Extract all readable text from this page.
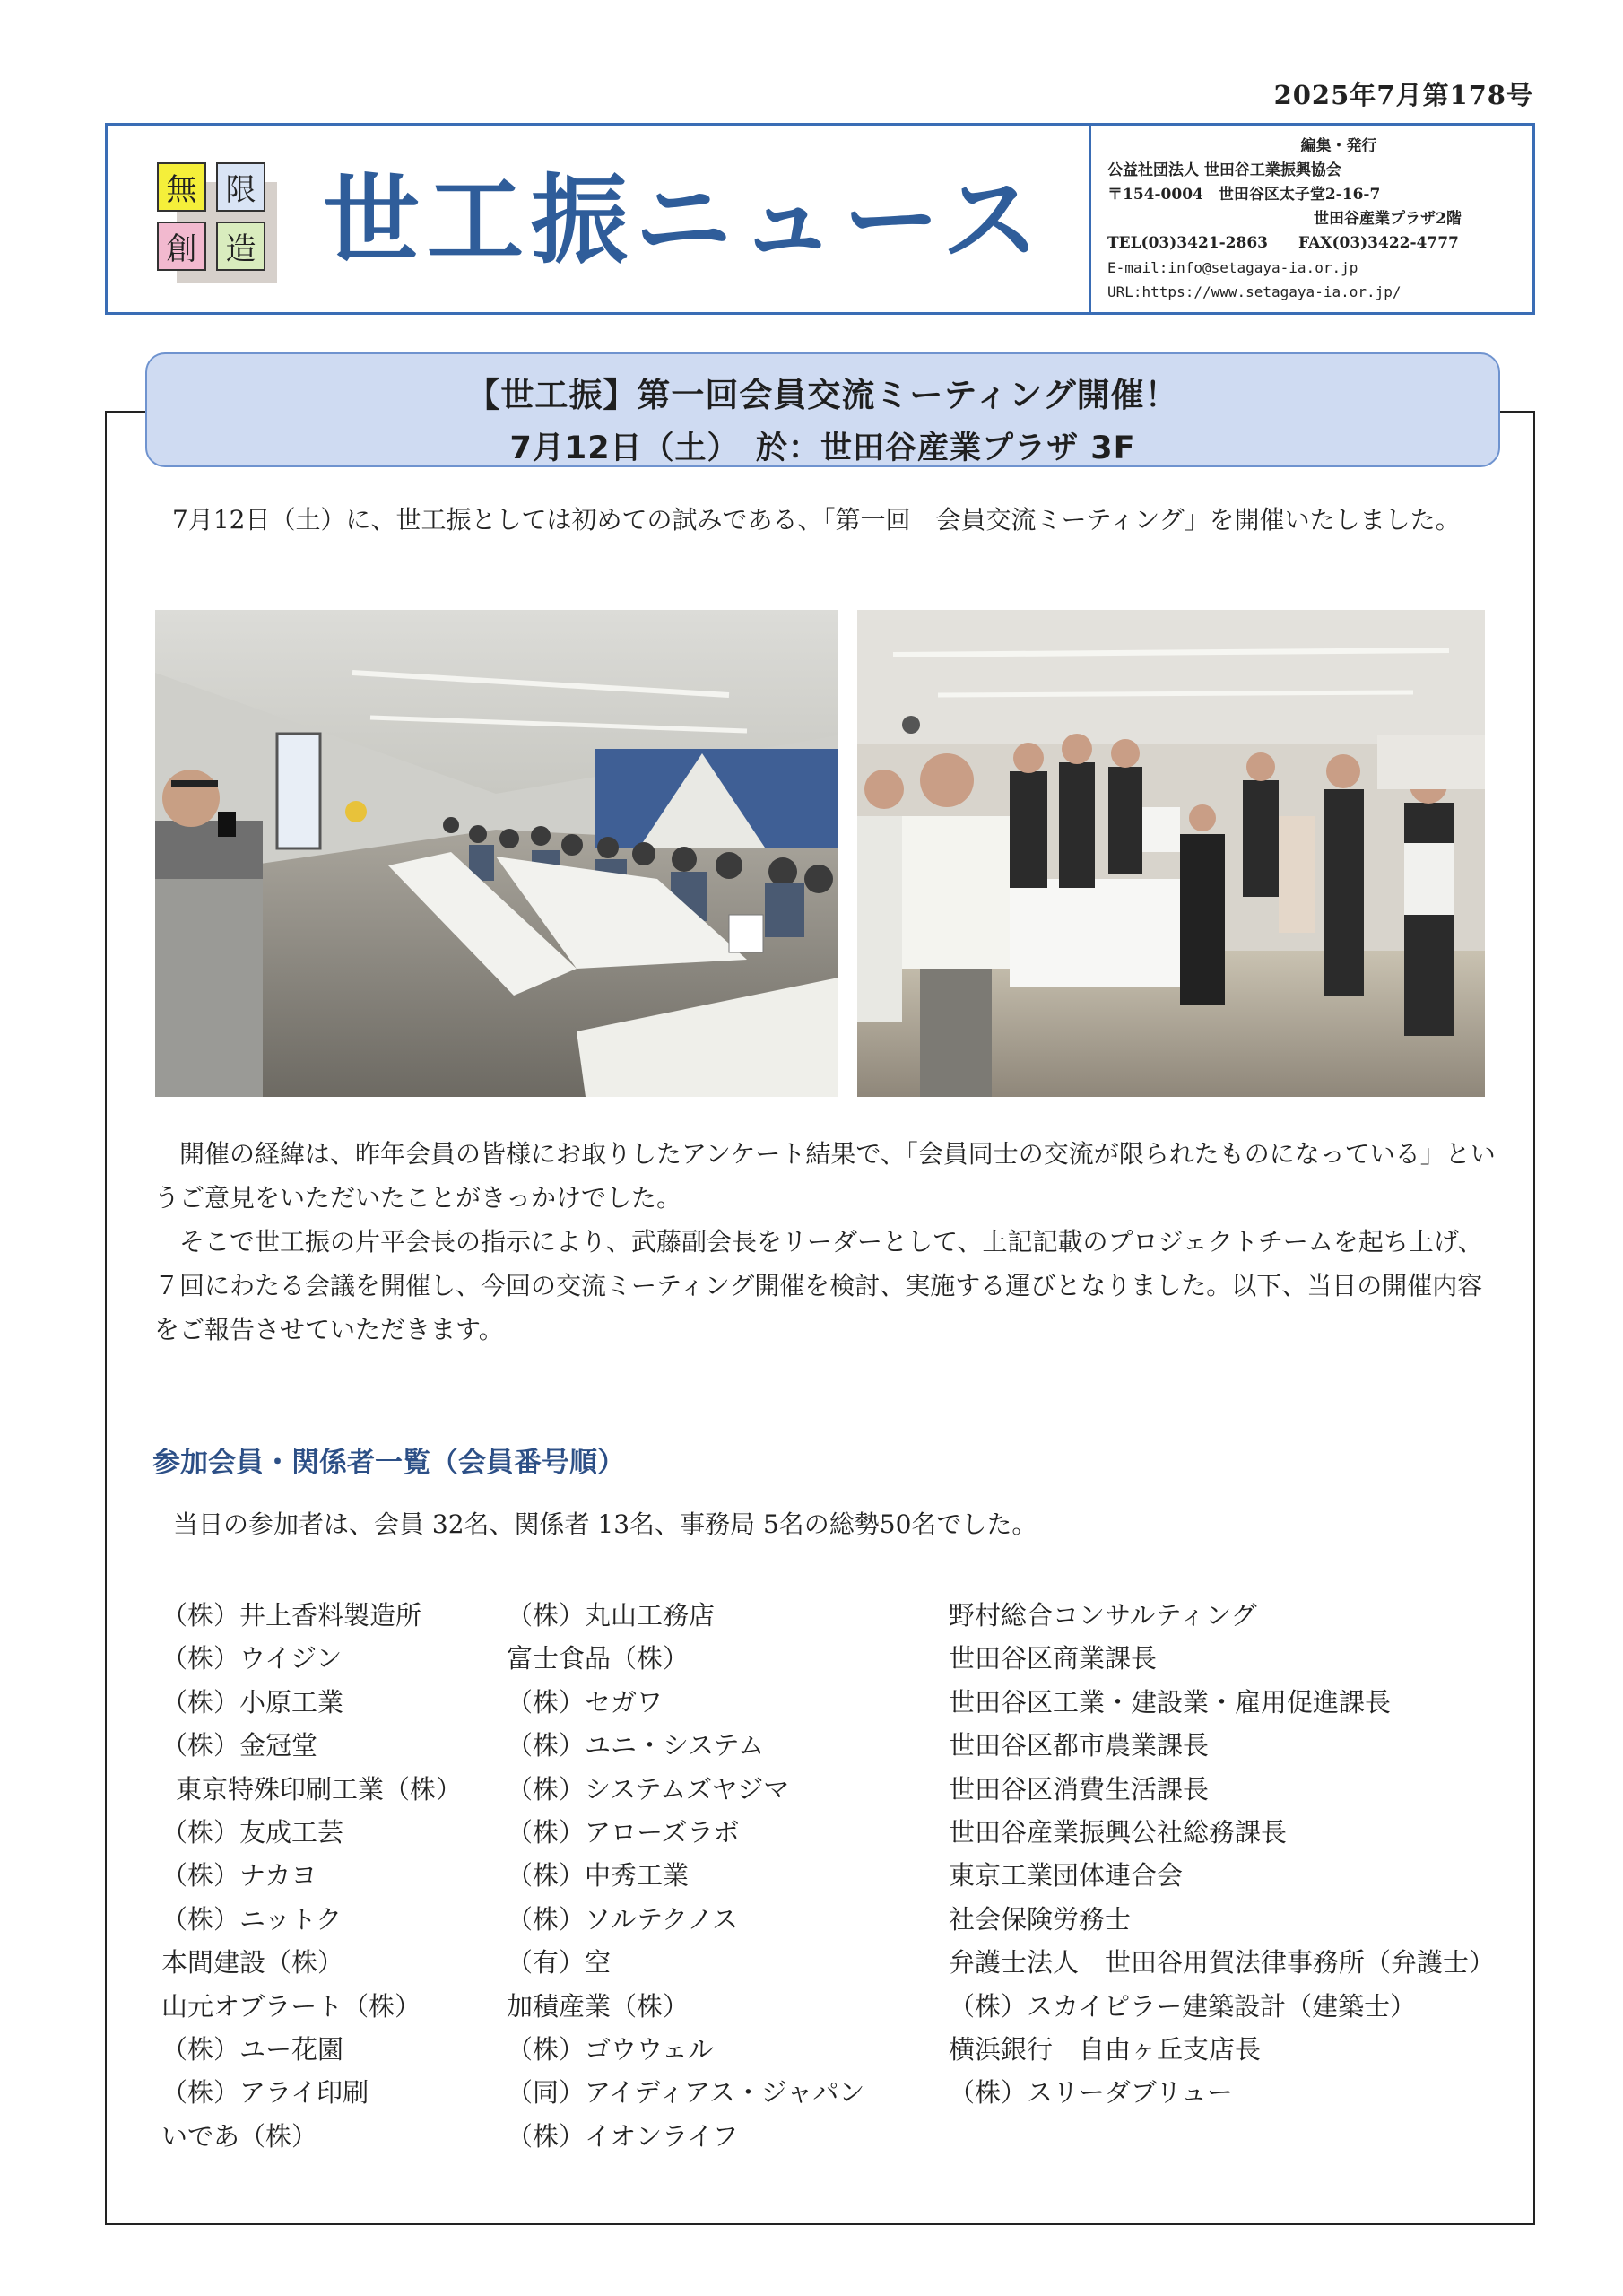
2025年7月第178号
無 限
創 造 世工振ニュース
編集・発行
公益社団法人 世田谷工業振興協会
〒154-0004　世田谷区太子堂2-16-7
世田谷産業プラザ2階
TEL(03)3421-2863　　FAX(03)3422-4777
E-mail:info@setagaya-ia.or.jp
URL:https://www.setagaya-ia.or.jp/
【世工振】第一回会員交流ミーティング開催！
7月12日（土）　於：世田谷産業プラザ 3F
7月12日（土）に、世工振としては初めての試みである、「第一回　会員交流ミーティング」を開催いたしました。
開催の経緯は、昨年会員の皆様にお取りしたアンケート結果で、「会員同士の交流が限られたものになっている」というご意見をいただいたことがきっかけでした。
そこで世工振の片平会長の指示により、武藤副会長をリーダーとして、上記記載のプロジェクトチームを起ち上げ、７回にわたる会議を開催し、今回の交流ミーティング開催を検討、実施する運びとなりました。以下、当日の開催内容をご報告させていただきます。
参加会員・関係者一覧（会員番号順）
当日の参加者は、会員 32名、関係者 13名、事務局 5名の総勢50名でした。
（株）井上香料製造所
（株）ウイジン
（株）小原工業
（株）金冠堂
東京特殊印刷工業（株）
（株）友成工芸
（株）ナカヨ
（株）ニットク
本間建設（株）
山元オブラート（株）
（株）ユー花園
（株）アライ印刷
いであ（株）
（株）丸山工務店
富士食品（株）
（株）セガワ
（株）ユニ・システム
（株）システムズヤジマ
（株）アローズラボ
（株）中秀工業
（株）ソルテクノス
（有）空
加積産業（株）
（株）ゴウウェル
（同）アイディアス・ジャパン
（株）イオンライフ
野村総合コンサルティング
世田谷区商業課長
世田谷区工業・建設業・雇用促進課長
世田谷区都市農業課長
世田谷区消費生活課長
世田谷産業振興公社総務課長
東京工業団体連合会
社会保険労務士
弁護士法人　世田谷用賀法律事務所（弁護士）
（株）スカイピラー建築設計（建築士）
横浜銀行　自由ヶ丘支店長
（株）スリーダブリュー
